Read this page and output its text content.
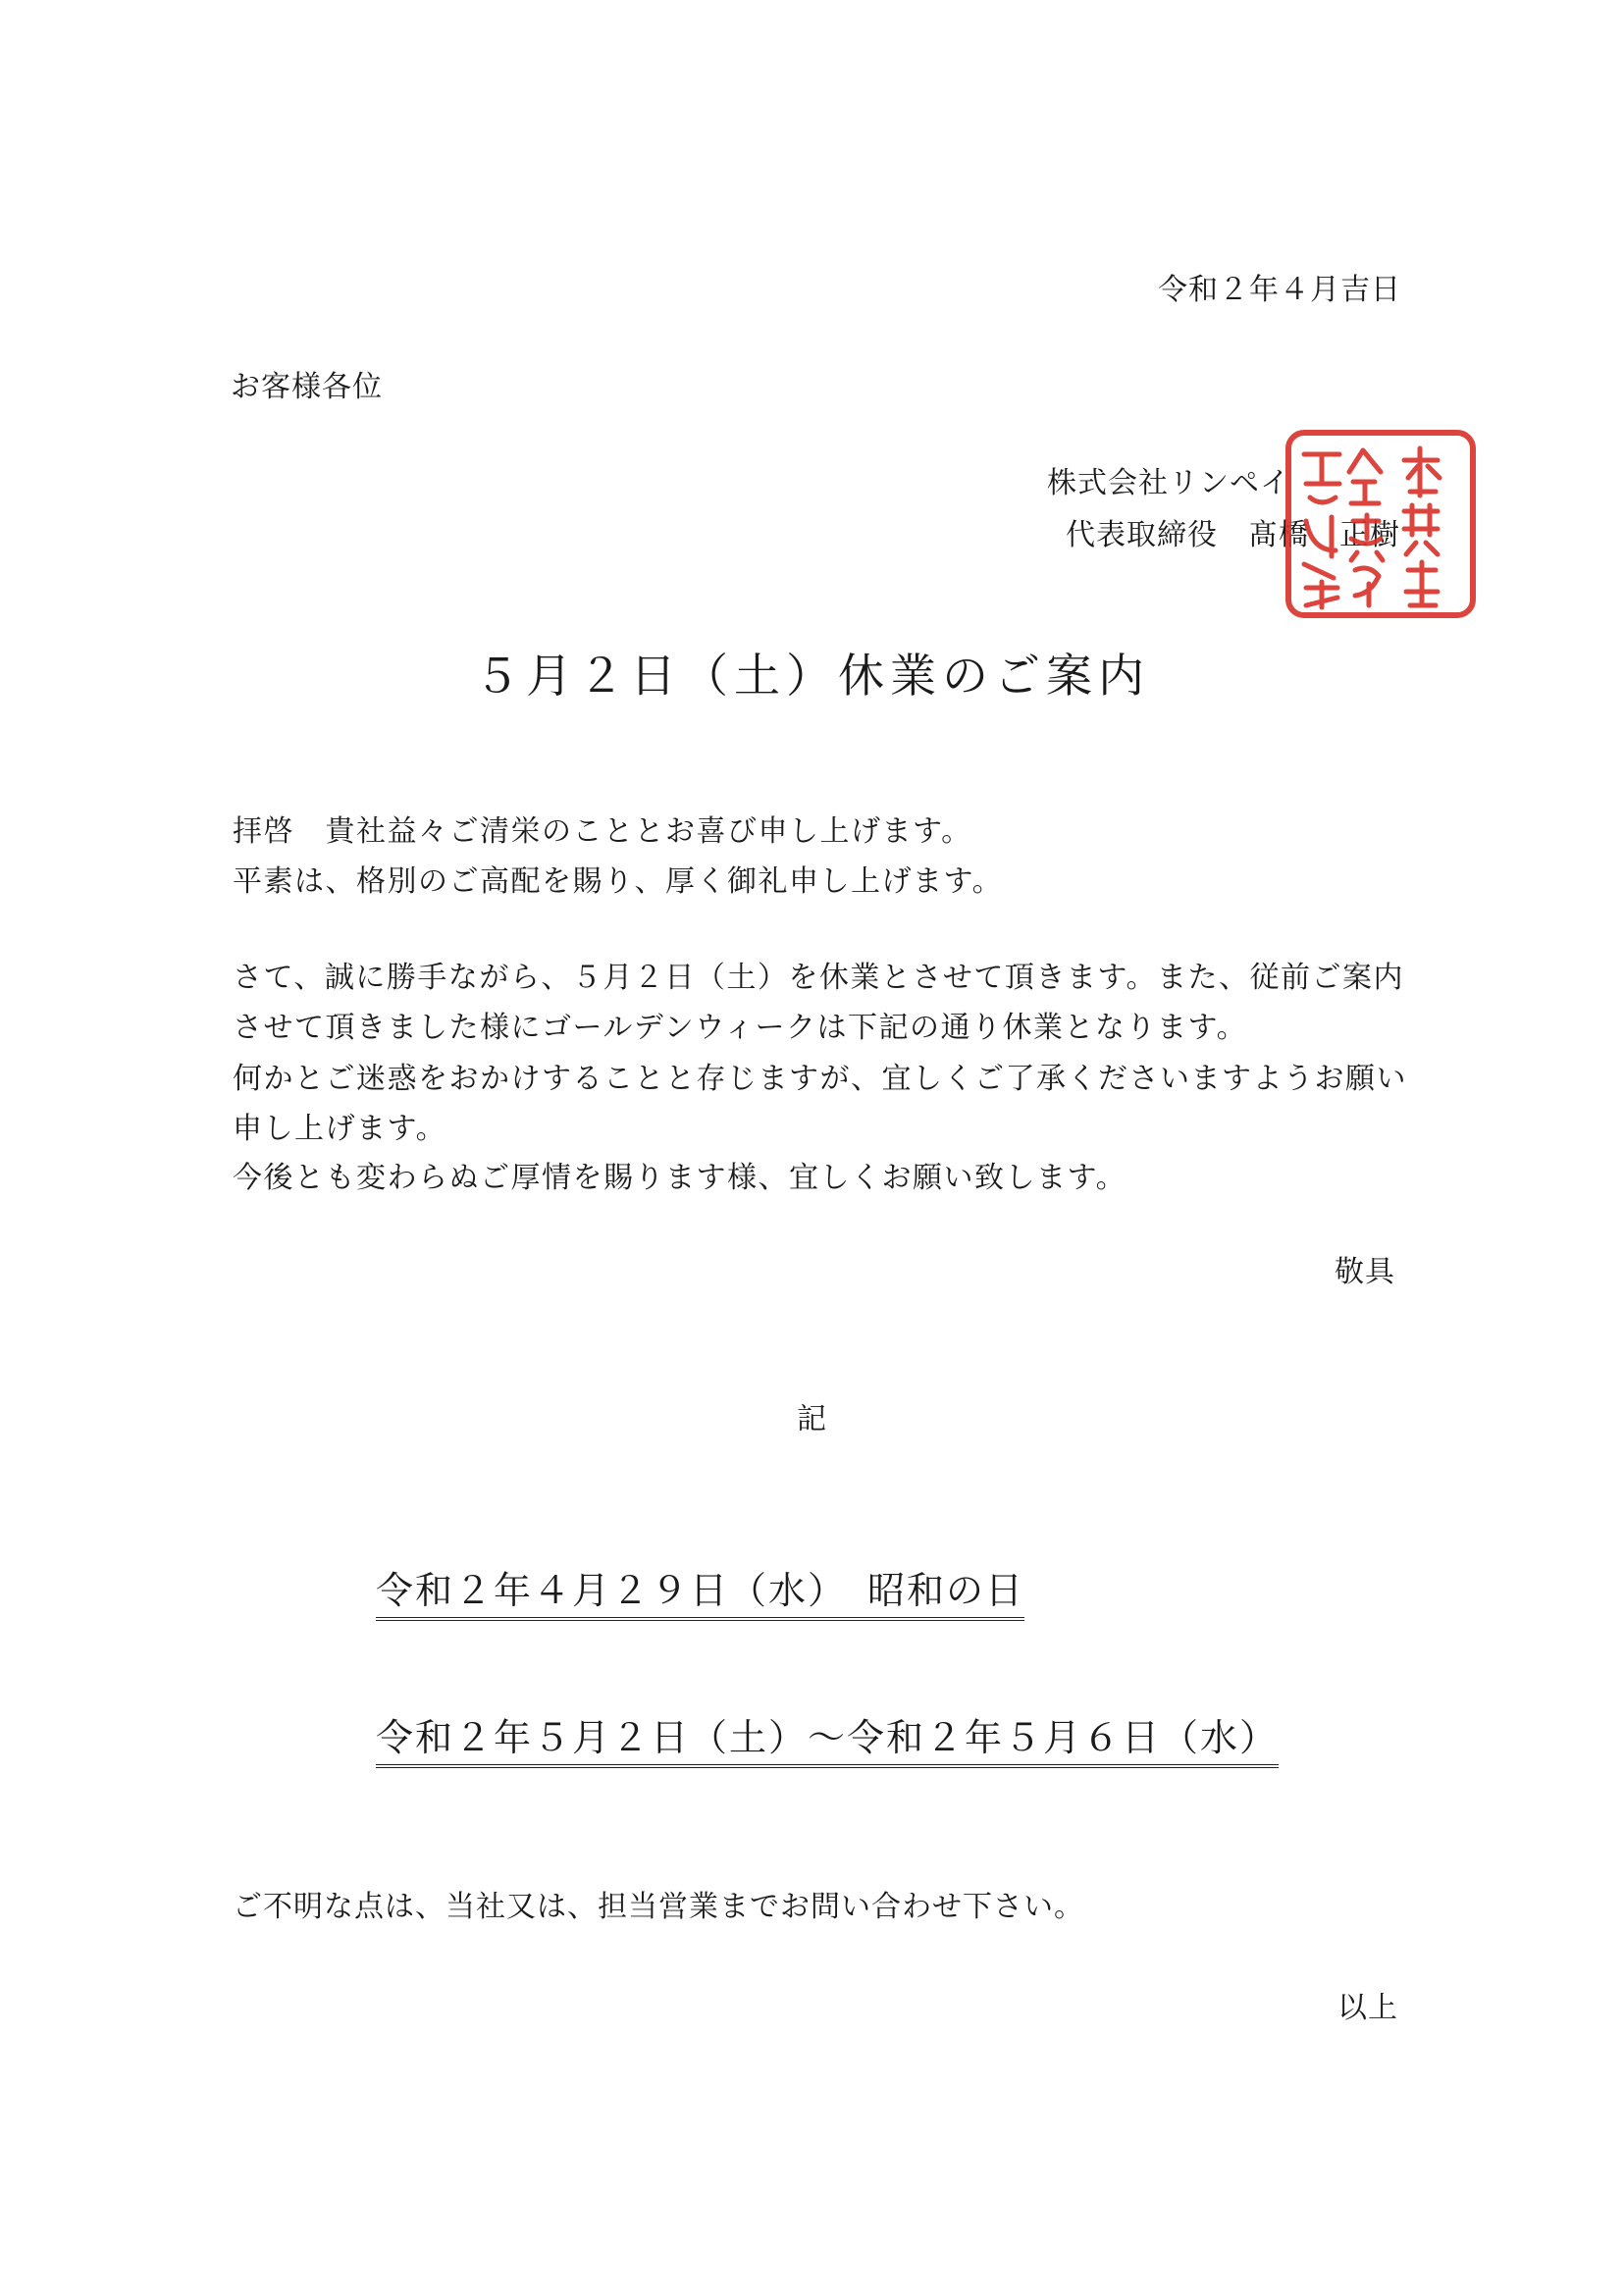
令和２年４月吉日
お客様各位
株式会社リンペイ
代表取締役　髙橋　正樹
５月２日（土）休業のご案内
拝啓　貴社益々ご清栄のこととお喜び申し上げます。
平素は、格別のご高配を賜り、厚く御礼申し上げます。
さて、誠に勝手ながら、５月２日（土）を休業とさせて頂きます。また、従前ご案内
させて頂きました様にゴールデンウィークは下記の通り休業となります。
何かとご迷惑をおかけすることと存じますが、宜しくご了承くださいますようお願い
申し上げます。
今後とも変わらぬご厚情を賜ります様、宜しくお願い致します。
敬具
記
令和２年４月２９日（水）　昭和の日
令和２年５月２日（土）～令和２年５月６日（水）
ご不明な点は、当社又は、担当営業までお問い合わせ下さい。
以上
